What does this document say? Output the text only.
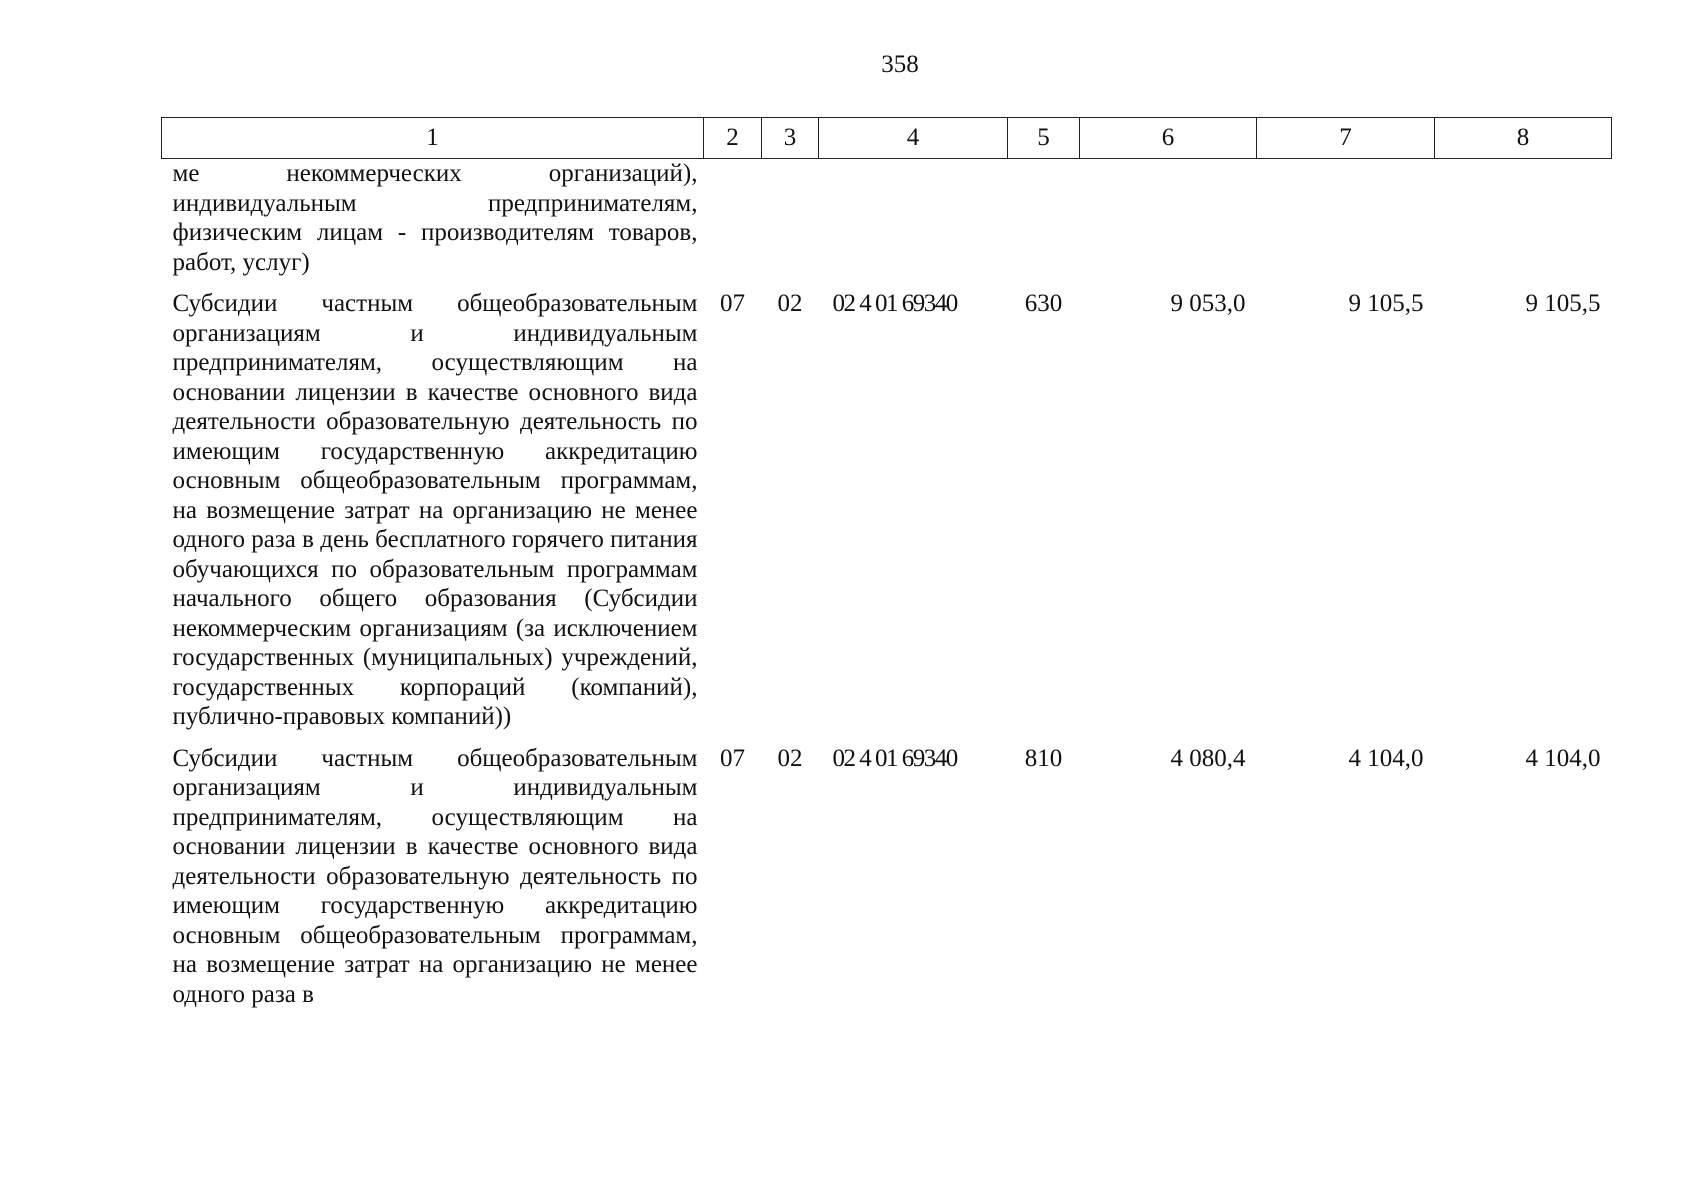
358
1	2	3	4	5	6	7	8
ме некоммерческих организаций), индивидуальным предпринимателям, физическим лицам - производителям товаров, работ, услуг)							
Субсидии частным общеобразовательным организациям и индивидуальным предпринимателям, осуществляющим на основании лицензии в качестве основного вида деятельности образовательную деятельность по имеющим государственную аккредитацию основным общеобразовательным программам, на возмещение затрат на организацию не менее одного раза в день бесплатного горячего питания обучающихся по образовательным программам начального общего образования (Субсидии некоммерческим организациям (за исключением государственных (муниципальных) учреждений, государственных корпораций (компаний), публично-правовых компаний))	07	02	02 4 01 69340	630	9 053,0	9 105,5	9 105,5
Субсидии частным общеобразовательным организациям и индивидуальным предпринимателям, осуществляющим на основании лицензии в качестве основного вида деятельности образовательную деятельность по имеющим государственную аккредитацию основным общеобразовательным программам, на возмещение затрат на организацию не менее одного раза в	07	02	02 4 01 69340	810	4 080,4	4 104,0	4 104,0
